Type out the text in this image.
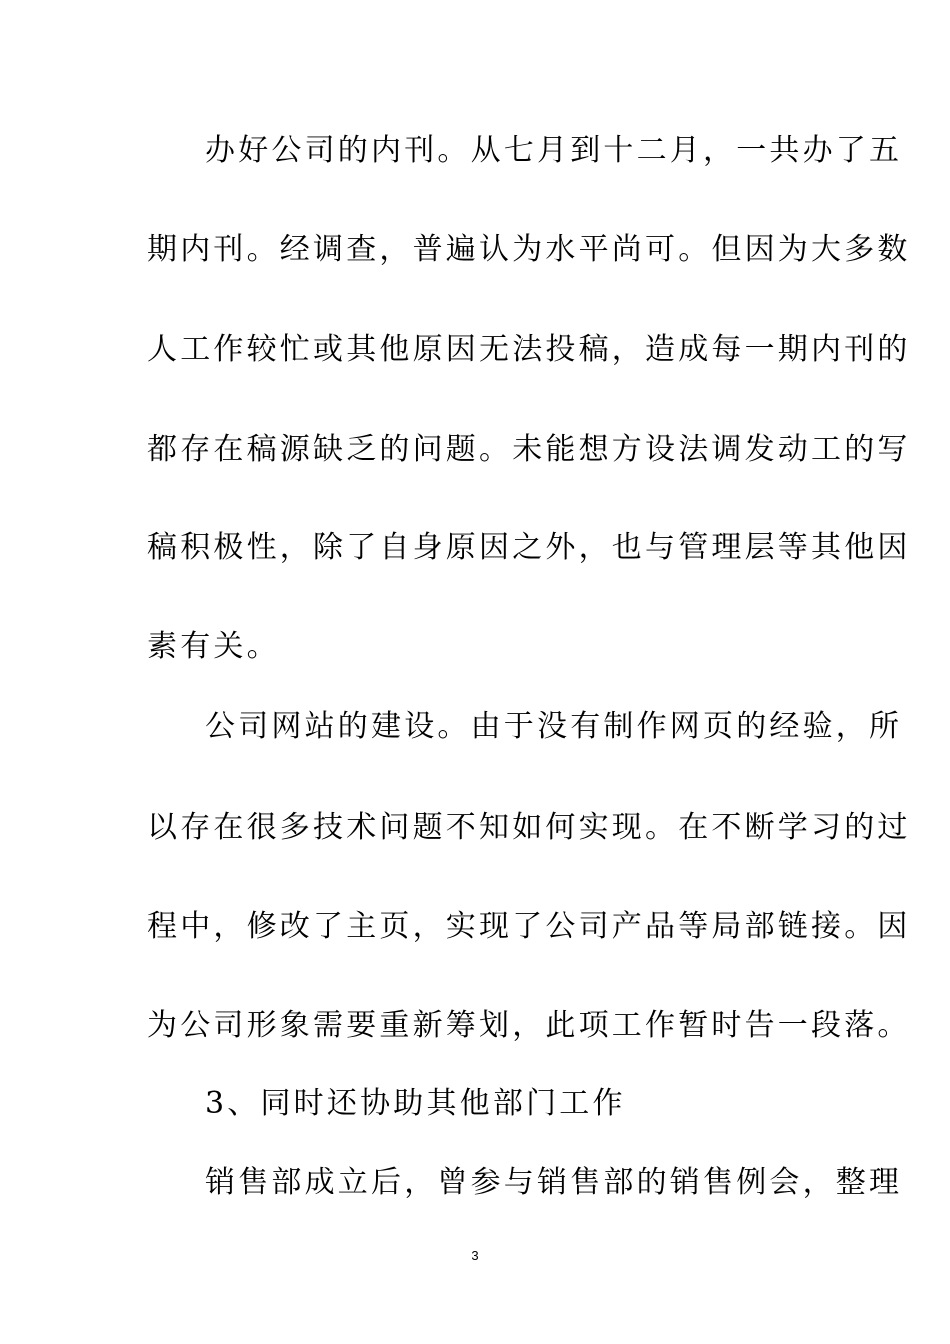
办好公司的内刊。从七月到十二月，一共办了五
期内刊。经调查，普遍认为水平尚可。但因为大多数
人工作较忙或其他原因无法投稿，造成每一期内刊的
都存在稿源缺乏的问题。未能想方设法调发动工的写
稿积极性，除了自身原因之外，也与管理层等其他因
素有关。
公司网站的建设。由于没有制作网页的经验，所
以存在很多技术问题不知如何实现。在不断学习的过
程中，修改了主页，实现了公司产品等局部链接。因
为公司形象需要重新筹划，此项工作暂时告一段落。
3、同时还协助其他部门工作
销售部成立后，曾参与销售部的销售例会，整理
3
